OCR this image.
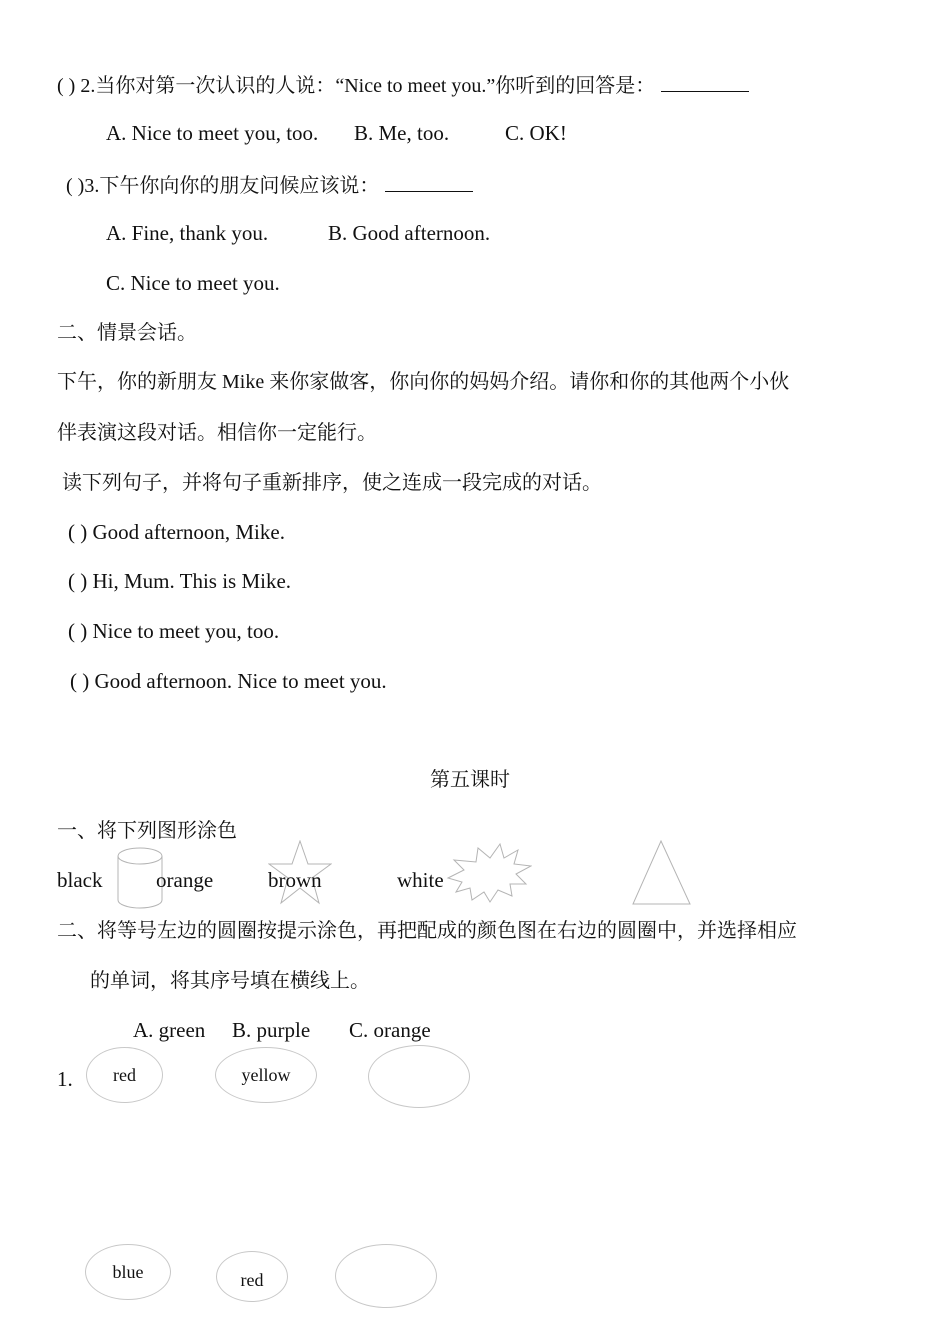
( ) 2.当你对第一次认识的人说：“Nice to meet you.”你听到的回答是：
A. Nice to meet you, too. B. Me, too.	C. OK!
( )3.下午你向你的朋友问候应该说：
A. Fine, thank you.	B. Good afternoon.
C. Nice to meet you.
二、情景会话。
下午，你的新朋友 Mike 来你家做客，你向你的妈妈介绍。请你和你的其他两个小伙
伴表演这段对话。相信你一定能行。
读下列句子，并将句子重新排序，使之连成一段完成的对话。
( ) Good afternoon, Mike.
( ) Hi, Mum. This is Mike.
( ) Nice to meet you, too.
( ) Good afternoon. Nice to meet you.
第五课时
一、将下列图形涂色
black	orange	brown	white
二、将等号左边的圆圈按提示涂色，再把配成的颜色图在右边的圆圈中，并选择相应
的单词，将其序号填在横线上。
A. green B. purple C. orange
1. red	yellow
blue	red
